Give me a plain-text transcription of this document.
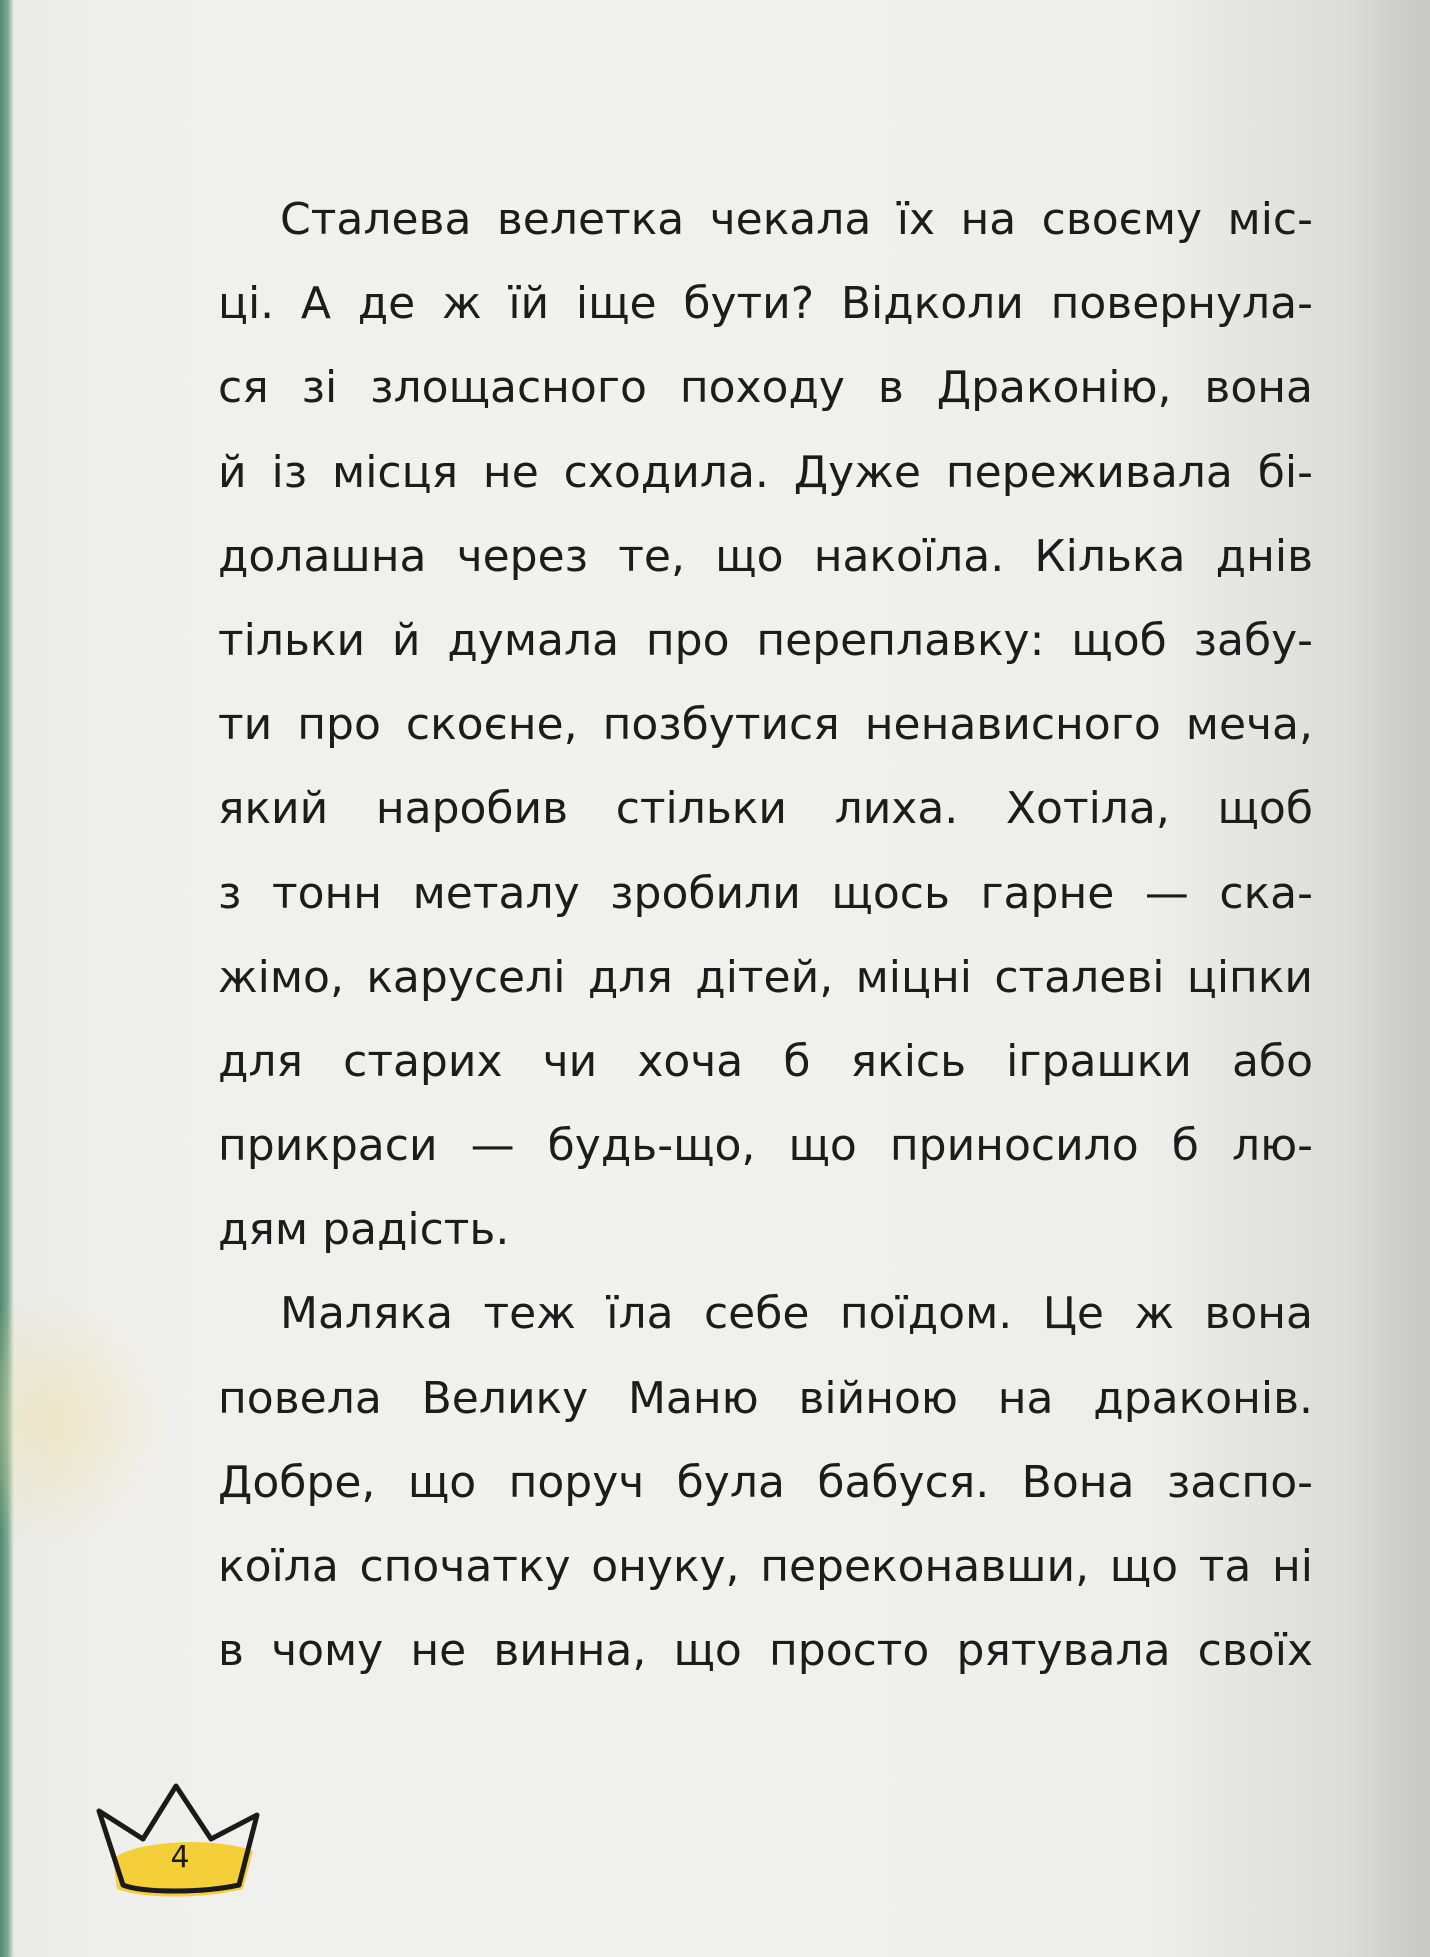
Сталева велетка чекала їх на своєму міс-
ці. А де ж їй іще бути? Відколи повернула-
ся зі злощасного походу в Драконію, вона
й із місця не сходила. Дуже переживала бі-
долашна через те, що накоїла. Кілька днів
тільки й думала про переплавку: щоб забу-
ти про скоєне, позбутися ненависного меча,
який наробив стільки лиха. Хотіла, щоб
з тонн металу зробили щось гарне — ска-
жімо, каруселі для дітей, міцні сталеві ціпки
для старих чи хоча б якісь іграшки або
прикраси — будь-що, що приносило б лю-
дям радість.
Маляка теж їла себе поїдом. Це ж вона
повела Велику Маню війною на драконів.
Добре, що поруч була бабуся. Вона заспо-
коїла спочатку онуку, переконавши, що та ні
в чому не винна, що просто рятувала своїх
4
